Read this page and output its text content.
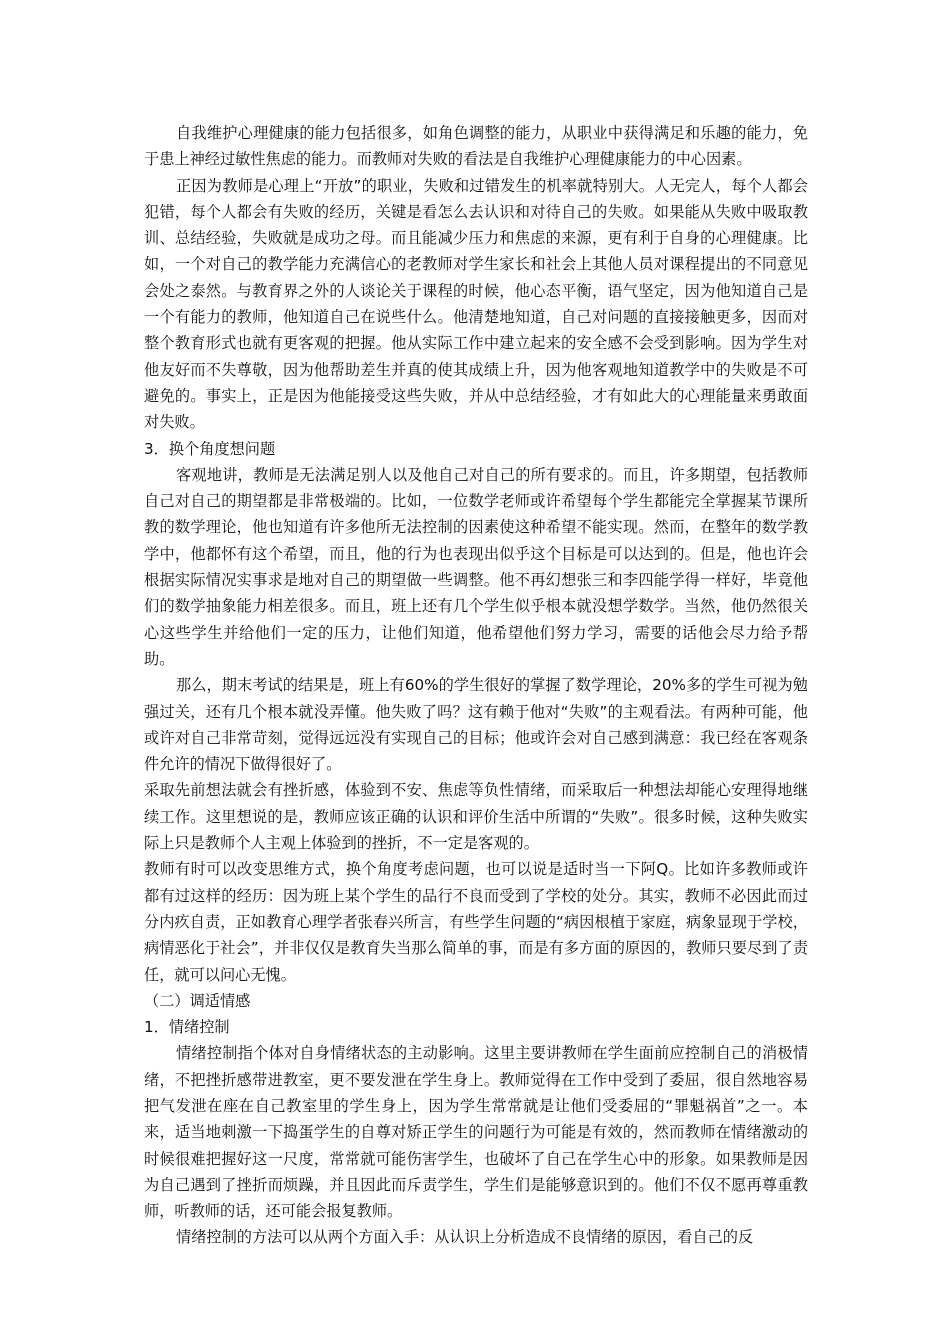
自我维护心理健康的能力包括很多，如角色调整的能力，从职业中获得满足和乐趣的能力，免于患上神经过敏性焦虑的能力。而教师对失败的看法是自我维护心理健康能力的中心因素。

正因为教师是心理上“开放”的职业，失败和过错发生的机率就特别大。人无完人，每个人都会犯错，每个人都会有失败的经历，关键是看怎么去认识和对待自己的失败。如果能从失败中吸取教训、总结经验，失败就是成功之母。而且能减少压力和焦虑的来源，更有利于自身的心理健康。比如，一个对自己的教学能力充满信心的老教师对学生家长和社会上其他人员对课程提出的不同意见会处之泰然。与教育界之外的人谈论关于课程的时候，他心态平衡，语气坚定，因为他知道自己是一个有能力的教师，他知道自己在说些什么。他清楚地知道，自己对问题的直接接触更多，因而对整个教育形式也就有更客观的把握。他从实际工作中建立起来的安全感不会受到影响。因为学生对他友好而不失尊敬，因为他帮助差生并真的使其成绩上升，因为他客观地知道教学中的失败是不可避免的。事实上，正是因为他能接受这些失败，并从中总结经验，才有如此大的心理能量来勇敢面对失败。

3．换个角度想问题

客观地讲，教师是无法满足别人以及他自己对自己的所有要求的。而且，许多期望，包括教师自己对自己的期望都是非常极端的。比如，一位数学老师或许希望每个学生都能完全掌握某节课所教的数学理论，他也知道有许多他所无法控制的因素使这种希望不能实现。然而，在整年的数学教学中，他都怀有这个希望，而且，他的行为也表现出似乎这个目标是可以达到的。但是，他也许会根据实际情况实事求是地对自己的期望做一些调整。他不再幻想张三和李四能学得一样好，毕竟他们的数学抽象能力相差很多。而且，班上还有几个学生似乎根本就没想学数学。当然，他仍然很关心这些学生并给他们一定的压力，让他们知道，他希望他们努力学习，需要的话他会尽力给予帮助。

那么，期末考试的结果是，班上有60%的学生很好的掌握了数学理论，20%多的学生可视为勉强过关，还有几个根本就没弄懂。他失败了吗？这有赖于他对“失败”的主观看法。有两种可能，他或许对自己非常苛刻，觉得远远没有实现自己的目标；他或许会对自己感到满意：我已经在客观条件允许的情况下做得很好了。

采取先前想法就会有挫折感，体验到不安、焦虑等负性情绪，而采取后一种想法却能心安理得地继续工作。这里想说的是，教师应该正确的认识和评价生活中所谓的“失败”。很多时候，这种失败实际上只是教师个人主观上体验到的挫折，不一定是客观的。

教师有时可以改变思维方式，换个角度考虑问题，也可以说是适时当一下阿Q。比如许多教师或许都有过这样的经历：因为班上某个学生的品行不良而受到了学校的处分。其实，教师不必因此而过分内疚自责，正如教育心理学者张春兴所言，有些学生问题的“病因根植于家庭，病象显现于学校，病情恶化于社会”，并非仅仅是教育失当那么简单的事，而是有多方面的原因的，教师只要尽到了责任，就可以问心无愧。

（二）调适情感

1．情绪控制

情绪控制指个体对自身情绪状态的主动影响。这里主要讲教师在学生面前应控制自己的消极情绪，不把挫折感带进教室，更不要发泄在学生身上。教师觉得在工作中受到了委屈，很自然地容易把气发泄在座在自己教室里的学生身上，因为学生常常就是让他们受委屈的“罪魁祸首”之一。本来，适当地刺激一下捣蛋学生的自尊对矫正学生的问题行为可能是有效的，然而教师在情绪激动的时候很难把握好这一尺度，常常就可能伤害学生，也破坏了自己在学生心中的形象。如果教师是因为自己遇到了挫折而烦躁，并且因此而斥责学生，学生们是能够意识到的。他们不仅不愿再尊重教师，听教师的话，还可能会报复教师。

情绪控制的方法可以从两个方面入手：从认识上分析造成不良情绪的原因，看自己的反
